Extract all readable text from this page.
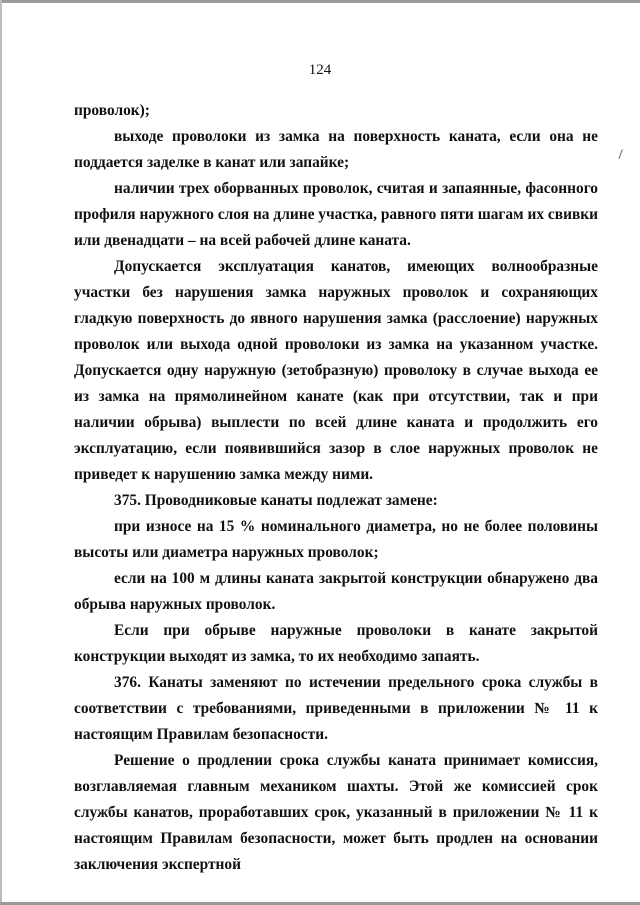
124

проволок);

выходе проволоки из замка на поверхность каната, если она не поддается заделке в канат или запайке;

наличии трех оборванных проволок, считая и запаянные, фасонного профиля наружного слоя на длине участка, равного пяти шагам их свивки или двенадцати – на всей рабочей длине каната.

Допускается эксплуатация канатов, имеющих волнообразные участки без нарушения замка наружных проволок и сохраняющих гладкую поверхность до явного нарушения замка (расслоение) наружных проволок или выхода одной проволоки из замка на указанном участке. Допускается одну наружную (зетобразную) проволоку в случае выхода ее из замка на прямолинейном канате (как при отсутствии, так и при наличии обрыва) выплести по всей длине каната и продолжить его эксплуатацию, если появившийся зазор в слое наружных проволок не приведет к нарушению замка между ними.

375. Проводниковые канаты подлежат замене:

при износе на 15 % номинального диаметра, но не более половины высоты или диаметра наружных проволок;

если на 100 м длины каната закрытой конструкции обнаружено два обрыва наружных проволок.

Если при обрыве наружные проволоки в канате закрытой конструкции выходят из замка, то их необходимо запаять.

376. Канаты заменяют по истечении предельного срока службы в соответствии с требованиями, приведенными в приложении № 11 к настоящим Правилам безопасности.

Решение о продлении срока службы каната принимает комиссия, возглавляемая главным механиком шахты. Этой же комиссией срок службы канатов, проработавших срок, указанный в приложении № 11 к настоящим Правилам безопасности, может быть продлен на основании заключения экспертной
